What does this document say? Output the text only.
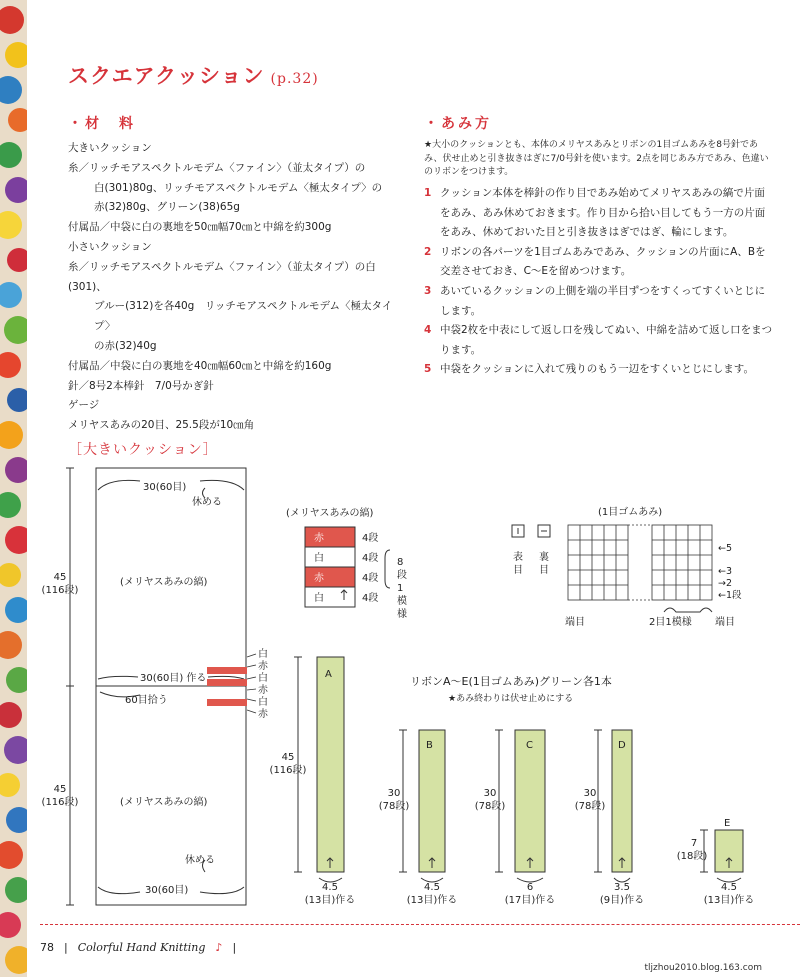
スクエアクッション (p.32)
・材　料
大きいクッション
糸／リッチモアスペクトルモデム〈ファイン〉（並太タイプ）の
白(301)80g、リッチモアスペクトルモデム〈極太タイプ〉の
赤(32)80g、グリーン(38)65g
付属品／中袋に白の裏地を50㎝幅70㎝と中綿を約300g
小さいクッション
糸／リッチモアスペクトルモデム〈ファイン〉（並太タイプ）の白(301)、
ブルー(312)を各40g　リッチモアスペクトルモデム〈極太タイプ〉
の赤(32)40g
付属品／中袋に白の裏地を40㎝幅60㎝と中綿を約160g
針／8号2本棒針　7/0号かぎ針
ゲージ
メリヤスあみの20目、25.5段が10㎝角
・あみ方
★大小のクッションとも、本体のメリヤスあみとリボンの1目ゴムあみを8号針であみ、伏せ止めと引き抜きはぎに7/0号針を使います。2点を同じあみ方であみ、色違いのリボンをつけます。
1 クッション本体を棒針の作り目であみ始めてメリヤスあみの縞で片面をあみ、あみ休めておきます。作り目から拾い目してもう一方の片面をあみ、休めておいた目と引き抜きはぎではぎ、輪にします。
2 リボンの各パーツを1目ゴムあみであみ、クッションの片面にA、Bを交差させておき、C〜Eを留めつけます。
3 あいているクッションの上側を端の半目ずつをすくってすくいとじにします。
4 中袋2枚を中表にして返し口を残してぬい、中綿を詰めて返し口をまつります。
5 中袋をクッションに入れて残りのもう一辺をすくいとじにします。
［大きいクッション］
白
赤
白
赤
白
赤
30(60目)
休める
45
(116段)
(メリヤスあみの縞)
30(60目) 作る
60目拾う
45
(116段)	(メリヤスあみの縞)
休める
30(60目)
(メリヤスあみの縞)
赤
白
赤
白
4段
4段
4段
4段
8
段
1
模
様
(1目ゴムあみ)
表
目
裏
目
←5
←3
→2
←1段
端目	2目1模様 端目
リボンA〜E(1目ゴムあみ)グリーン各1本
★あみ終わりは伏せ止めにする
A
45
(116段)
4.5
(13目)作る
B
30
(78段)
4.5
(13目)作る
C
30
(78段)
6
(17目)作る
D
30
(78段)
3.5
(9目)作る
E
7
(18段)
4.5
(13目)作る
78 | Colorful Hand Knitting ♪ |
tljzhou2010.blog.163.com
